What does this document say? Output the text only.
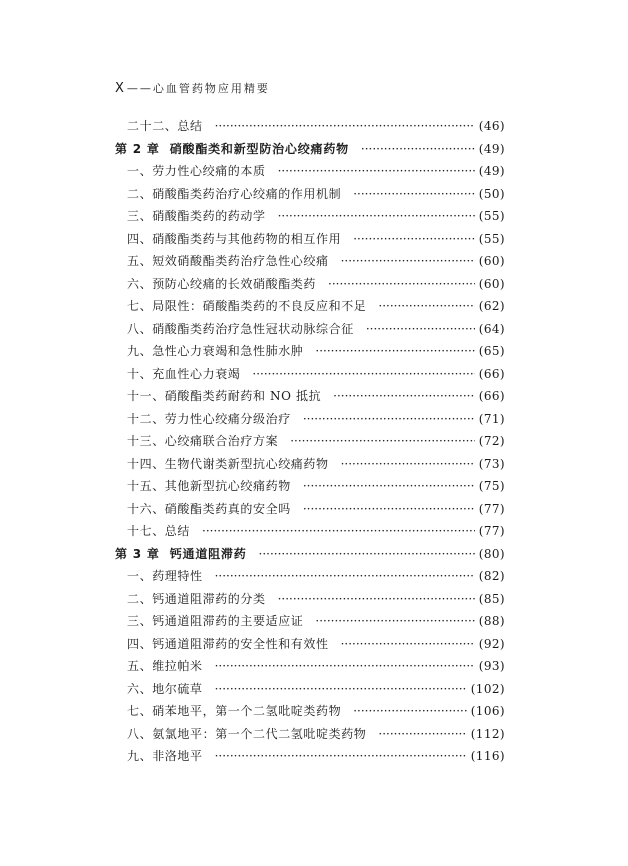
X ——心血管药物应用精要
二十二、总结 ·····	(46)
第 2 章 硝酸酯类和新型防治心绞痛药物 ·····	(49)
一、劳力性心绞痛的本质 ·····	(49)
二、硝酸酯类药治疗心绞痛的作用机制 ·····	(50)
三、硝酸酯类药的药动学 ·····	(55)
四、硝酸酯类药与其他药物的相互作用 ·····	(55)
五、短效硝酸酯类药治疗急性心绞痛 ·····	(60)
六、预防心绞痛的长效硝酸酯类药 ·····	(60)
七、局限性：硝酸酯类药的不良反应和不足 ·····	(62)
八、硝酸酯类药治疗急性冠状动脉综合征 ·····	(64)
九、急性心力衰竭和急性肺水肿 ·····	(65)
十、充血性心力衰竭 ·····	(66)
十一、硝酸酯类药耐药和 NO 抵抗 ·····	(66)
十二、劳力性心绞痛分级治疗 ·····	(71)
十三、心绞痛联合治疗方案 ·····	(72)
十四、生物代谢类新型抗心绞痛药物 ·····	(73)
十五、其他新型抗心绞痛药物 ·····	(75)
十六、硝酸酯类药真的安全吗 ·····	(77)
十七、总结 ·····	(77)
第 3 章 钙通道阻滞药 ·····	(80)
一、药理特性 ·····	(82)
二、钙通道阻滞药的分类 ·····	(85)
三、钙通道阻滞药的主要适应证 ·····	(88)
四、钙通道阻滞药的安全性和有效性 ·····	(92)
五、维拉帕米 ·····	(93)
六、地尔硫草 ·····	(102)
七、硝苯地平，第一个二氢吡啶类药物 ·····	(106)
八、氨氯地平：第一个二代二氢吡啶类药物 ·····	(112)
九、非洛地平 ·····	(116)
